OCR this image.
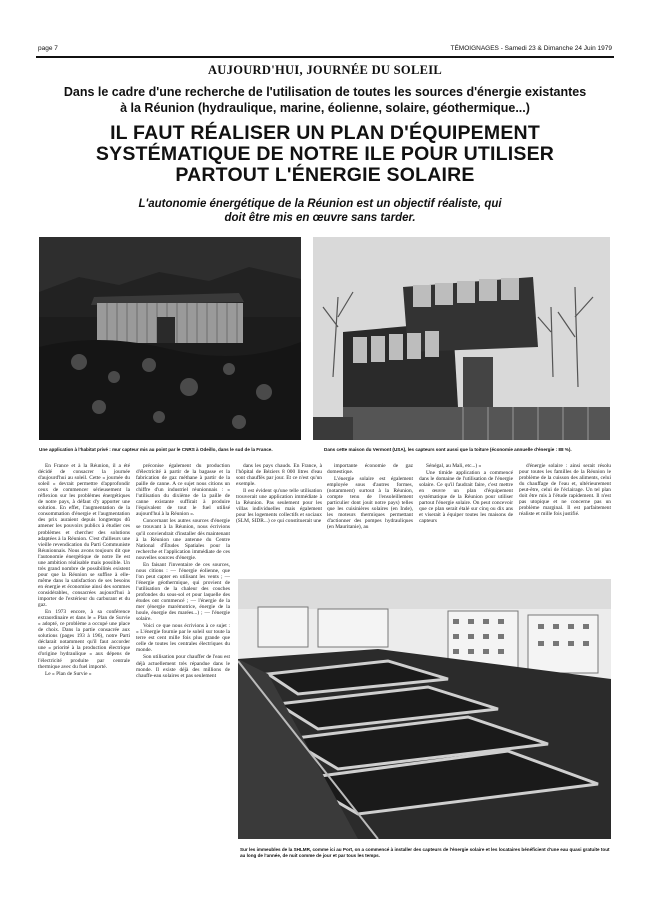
page 7	TÉMOIGNAGES - Samedi 23 & Dimanche 24 Juin 1979
AUJOURD'HUI, JOURNÉE DU SOLEIL
Dans le cadre d'une recherche de l'utilisation de toutes les sources d'énergie existantes à la Réunion (hydraulique, marine, éolienne, solaire, géothermique...)
IL FAUT RÉALISER UN PLAN D'ÉQUIPEMENT SYSTÉMATIQUE DE NOTRE ILE POUR UTILISER PARTOUT L'ÉNERGIE SOLAIRE
L'autonomie énergétique de la Réunion est un objectif réaliste, qui doit être mis en œuvre sans tarder.
Une application à l'habitat privé : mur capteur mis au point par le CNRS à Odeillo, dans le sud de la France.	Dans cette maison du Vermont (USA), les capteurs sont aussi que la toiture (économie annuelle d'énergie : 88 %).

En France et à la Réunion, il a été décidé de consacrer la journée d'aujourd'hui au soleil. Cette « journée du soleil » devrait permettre d'approfondir ceux de commencer sérieusement la réflexion sur les problèmes énergétiques de notre pays, à défaut d'y apporter une solution. En effet, l'augmentation de la consommation d'énergie et l'augmentation des prix auraient depuis longtemps dû amener les pouvoirs publics à étudier ces problèmes et chercher des solutions adaptées à la Réunion. C'est d'ailleurs une vieille revendication du Parti Communiste Réunionnais. Nous avons toujours dit que l'autonomie énergétique de notre île est une ambition réalisable mais possible. Un très grand nombre de possibilités existent pour que la Réunion se suffise à elle-même dans la satisfaction de ses besoins en énergie et économise ainsi des sommes considérables, consacrées aujourd'hui à importer de l'extérieur du carburant et du gaz.

En 1973 encore, à sa conférence extraordinaire et dans le « Plan de Survie » adopté, ce problème a occupé une place de choix. Dans la partie consacrée aux solutions (pages 193 à 196), notre Parti déclarait notamment qu'il faut accorder une « priorité à la production électrique d'origine hydraulique » aux dépens de l'électricité produite par centrale thermique avec du fuel importé.

Le « Plan de Survie »

préconise également du production d'électricité à partir de la bagasse et la fabrication de gaz méthane à partir de la paille de canne. A ce sujet nous citions un chiffre d'un industriel réunionnais : « l'utilisation du dixième de la paille de canne existante suffirait à produire l'équivalent de tout le fuel utilisé aujourd'hui à la Réunion ».

Concernant les autres sources d'énergie se trouvant à la Réunion, nous écrivions qu'il conviendrait d'installer dès maintenant à la Réunion une antenne du Centre National d'Études Spatiales pour la recherche et l'application immédiate de ces nouvelles sources d'énergie.

En faisant l'inventaire de ces sources, nous citions : — l'énergie éolienne, que l'on peut capter en utilisant les vents ; — l'énergie géothermique, qui provient de l'utilisation de la chaleur des couches profondes du sous-sol et pour laquelle des études ont commencé ; — l'énergie de la mer (énergie marémotrice, énergie de la houle, énergie des marées...) ; — l'énergie solaire.

Voici ce que nous écrivions à ce sujet : « L'énergie fournie par le soleil sur toute la terre est cent mille fois plus grande que celle de toutes les centrales électriques du monde.

Son utilisation pour chauffer de l'eau est déjà actuellement très répandue dans le monde. Il existe déjà des millions de chauffe-eau solaires et pas seulement

dans les pays chauds. En France, à l'hôpital de Béziers 8 000 litres d'eau sont chauffés par jour. Et ce n'est qu'un exemple.

Il est évident qu'une telle utilisation trouverait une application immédiate à la Réunion. Pas seulement pour les villas individuelles mais également pour les logements collectifs et sociaux (SLM, SIDR...) ce qui constituerait une

importante économie de gaz domestique.

L'énergie solaire est également employée sous d'autres formes, (notamment) surtout à la Réunion, compte tenu de l'ensoleillement particulier dont jouit notre pays) telles que les cuisinières solaires (en Inde), les moteurs thermiques permettant d'actionner des pompes hydrauliques (en Mauritanie), au

Sénégal, au Mali, etc...) »

Une timide application a commencé dans le domaine de l'utilisation de l'énergie solaire. Ce qu'il faudrait faire, c'est mettre en œuvre un plan d'équipement systématique de la Réunion pour utiliser partout l'énergie solaire. On peut concevoir que ce plan serait étalé sur cinq ou dix ans et viserait à équiper toutes les maisons de capteurs

d'énergie solaire : ainsi serait résolu pour toutes les familles de la Réunion le problème de la cuisson des aliments, celui du chauffage de l'eau et, ultérieurement peut-être, celui de l'éclairage. Un tel plan doit être mis à l'étude rapidement. Il n'est pas utopique et ne concerne pas un problème marginal. Il est parfaitement réaliste et mille fois justifié.

Sur les immeubles de la SHLMR, comme ici au Port, on a commencé à installer des capteurs de l'énergie solaire et les locataires bénéficient d'une eau quasi gratuite tout au long de l'année, de nuit comme de jour et par tous les temps.
